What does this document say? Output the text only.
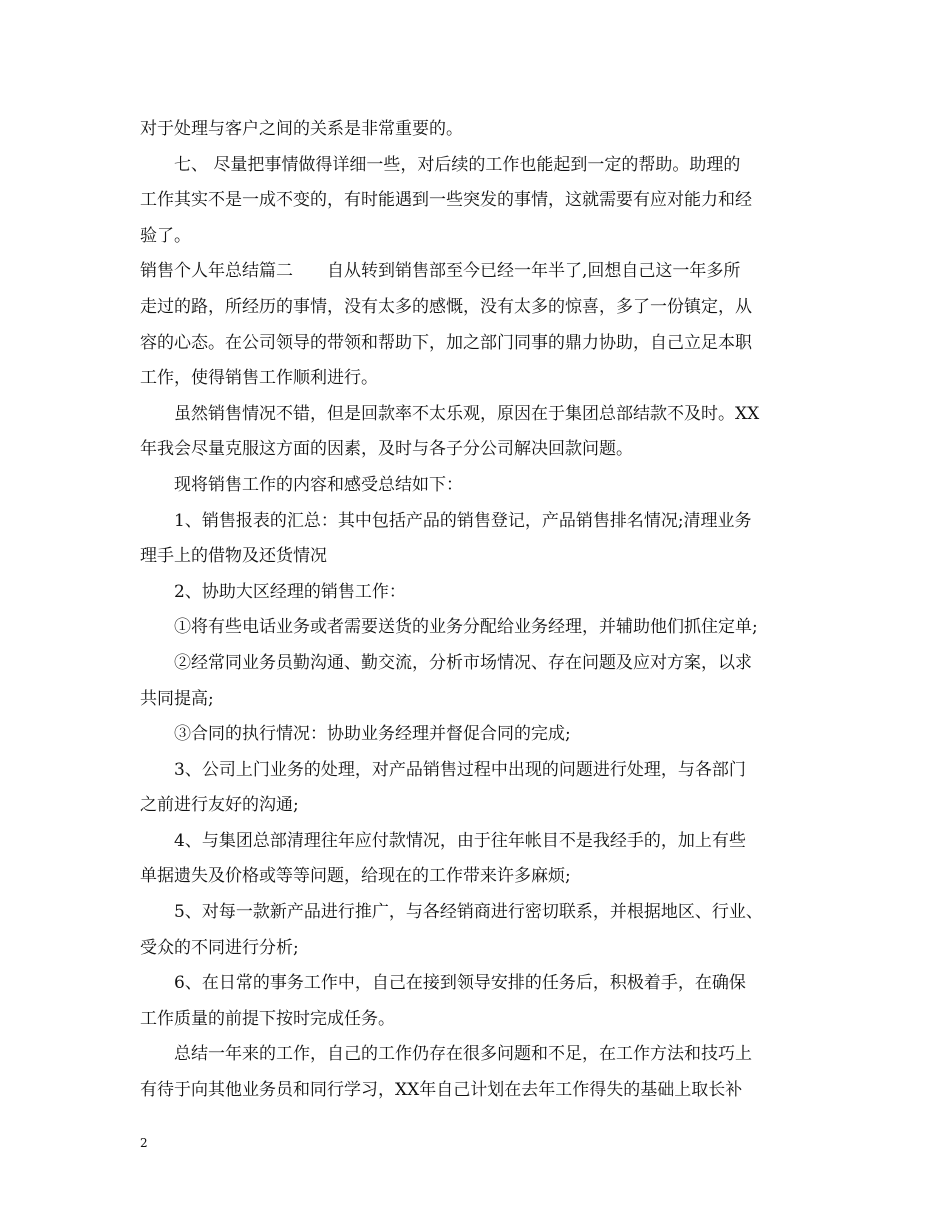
对于处理与客户之间的关系是非常重要的。
七、 尽量把事情做得详细一些，对后续的工作也能起到一定的帮助。助理的
工作其实不是一成不变的，有时能遇到一些突发的事情，这就需要有应对能力和经
验了。
销售个人年总结篇二　　自从转到销售部至今已经一年半了,回想自己这一年多所
走过的路，所经历的事情，没有太多的感慨，没有太多的惊喜，多了一份镇定，从
容的心态。在公司领导的带领和帮助下，加之部门同事的鼎力协助，自己立足本职
工作，使得销售工作顺利进行。
虽然销售情况不错，但是回款率不太乐观，原因在于集团总部结款不及时。XX
年我会尽量克服这方面的因素，及时与各子分公司解决回款问题。
现将销售工作的内容和感受总结如下：
1、销售报表的汇总：其中包括产品的销售登记，产品销售排名情况;清理业务
理手上的借物及还货情况
2、协助大区经理的销售工作：
①将有些电话业务或者需要送货的业务分配给业务经理，并辅助他们抓住定单;
②经常同业务员勤沟通、勤交流，分析市场情况、存在问题及应对方案，以求
共同提高;
③合同的执行情况：协助业务经理并督促合同的完成;
3、公司上门业务的处理，对产品销售过程中出现的问题进行处理，与各部门
之前进行友好的沟通;
4、与集团总部清理往年应付款情况，由于往年帐目不是我经手的，加上有些
单据遗失及价格或等等问题，给现在的工作带来许多麻烦;
5、对每一款新产品进行推广，与各经销商进行密切联系，并根据地区、行业、
受众的不同进行分析;
6、在日常的事务工作中，自己在接到领导安排的任务后，积极着手，在确保
工作质量的前提下按时完成任务。
总结一年来的工作，自己的工作仍存在很多问题和不足，在工作方法和技巧上
有待于向其他业务员和同行学习，XX年自己计划在去年工作得失的基础上取长补
2
